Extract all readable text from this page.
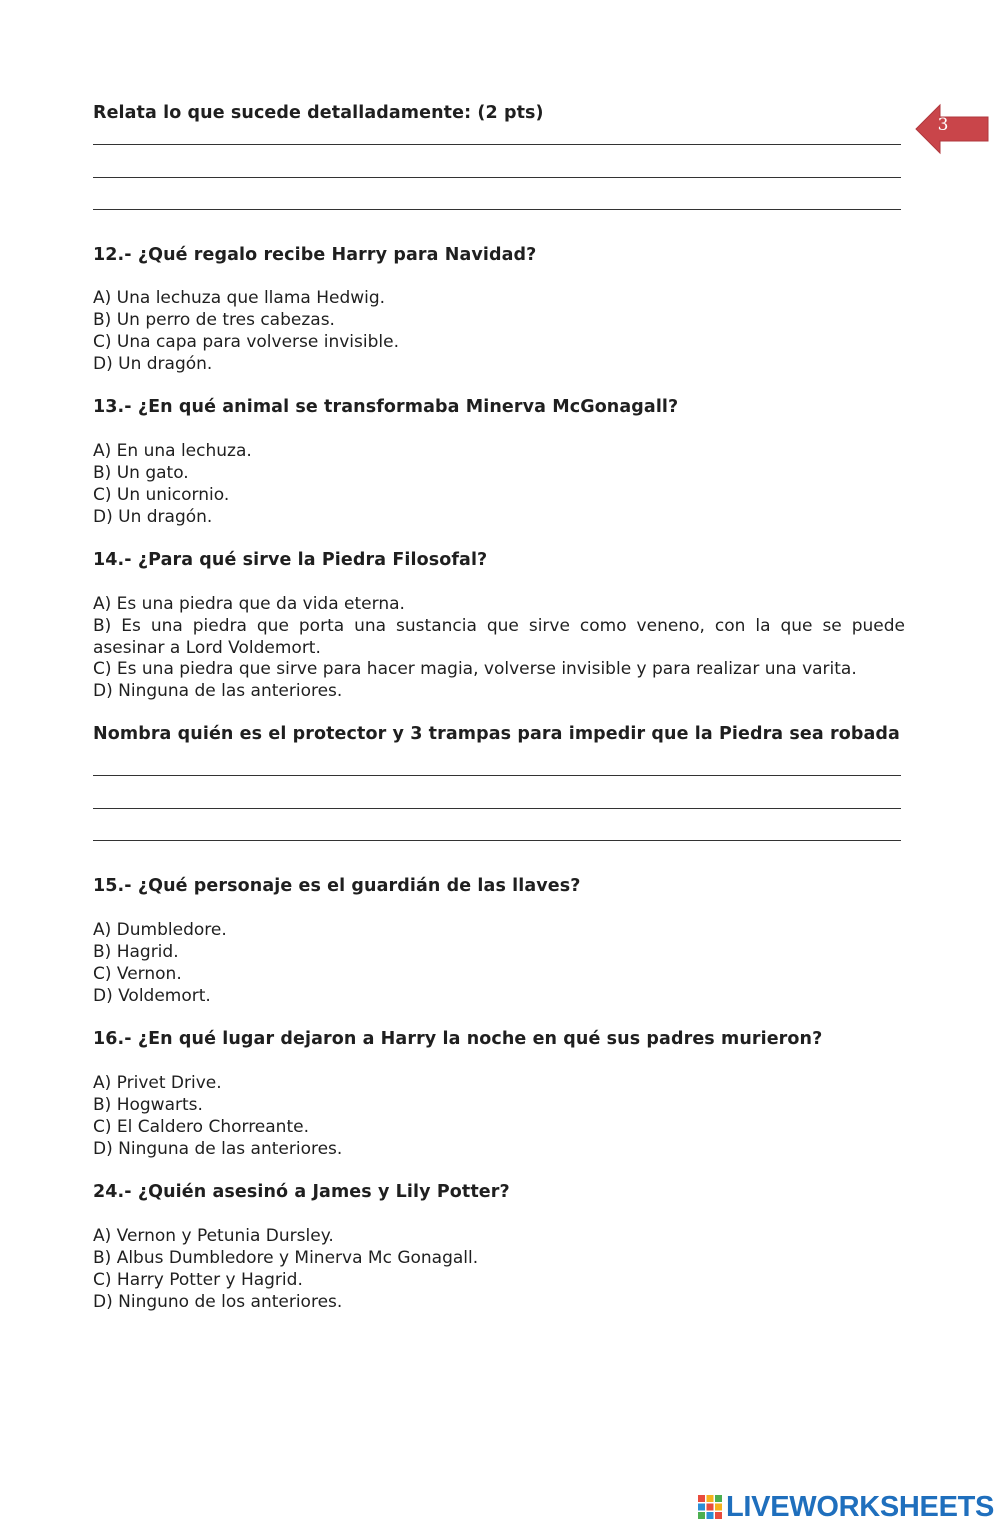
3

Relata lo que sucede detalladamente: (2 pts)

12.- ¿Qué regalo recibe Harry para Navidad?

A) Una lechuza que llama Hedwig.

B) Un perro de tres cabezas.

C) Una capa para volverse invisible.

D) Un dragón.

13.- ¿En qué animal se transformaba Minerva McGonagall?

A) En una lechuza.

B) Un gato.

C) Un unicornio.

D) Un dragón.

14.- ¿Para qué sirve la Piedra Filosofal?

A) Es una piedra que da vida eterna.

B) Es una piedra que porta una sustancia que sirve como veneno, con la que se puede asesinar a Lord Voldemort.

C) Es una piedra que sirve para hacer magia, volverse invisible y para realizar una varita.

D) Ninguna de las anteriores.

Nombra quién es el protector y 3 trampas para impedir que la Piedra sea robada

15.- ¿Qué personaje es el guardián de las llaves?

A) Dumbledore.

B) Hagrid.

C) Vernon.

D) Voldemort.

16.- ¿En qué lugar dejaron a Harry la noche en qué sus padres murieron?

A) Privet Drive.

B) Hogwarts.

C) El Caldero Chorreante.

D) Ninguna de las anteriores.

24.- ¿Quién asesinó a James y Lily Potter?

A) Vernon y Petunia Dursley.

B) Albus Dumbledore y Minerva Mc Gonagall.

C) Harry Potter y Hagrid.

D) Ninguno de los anteriores.

LIVEWORKSHEETS
